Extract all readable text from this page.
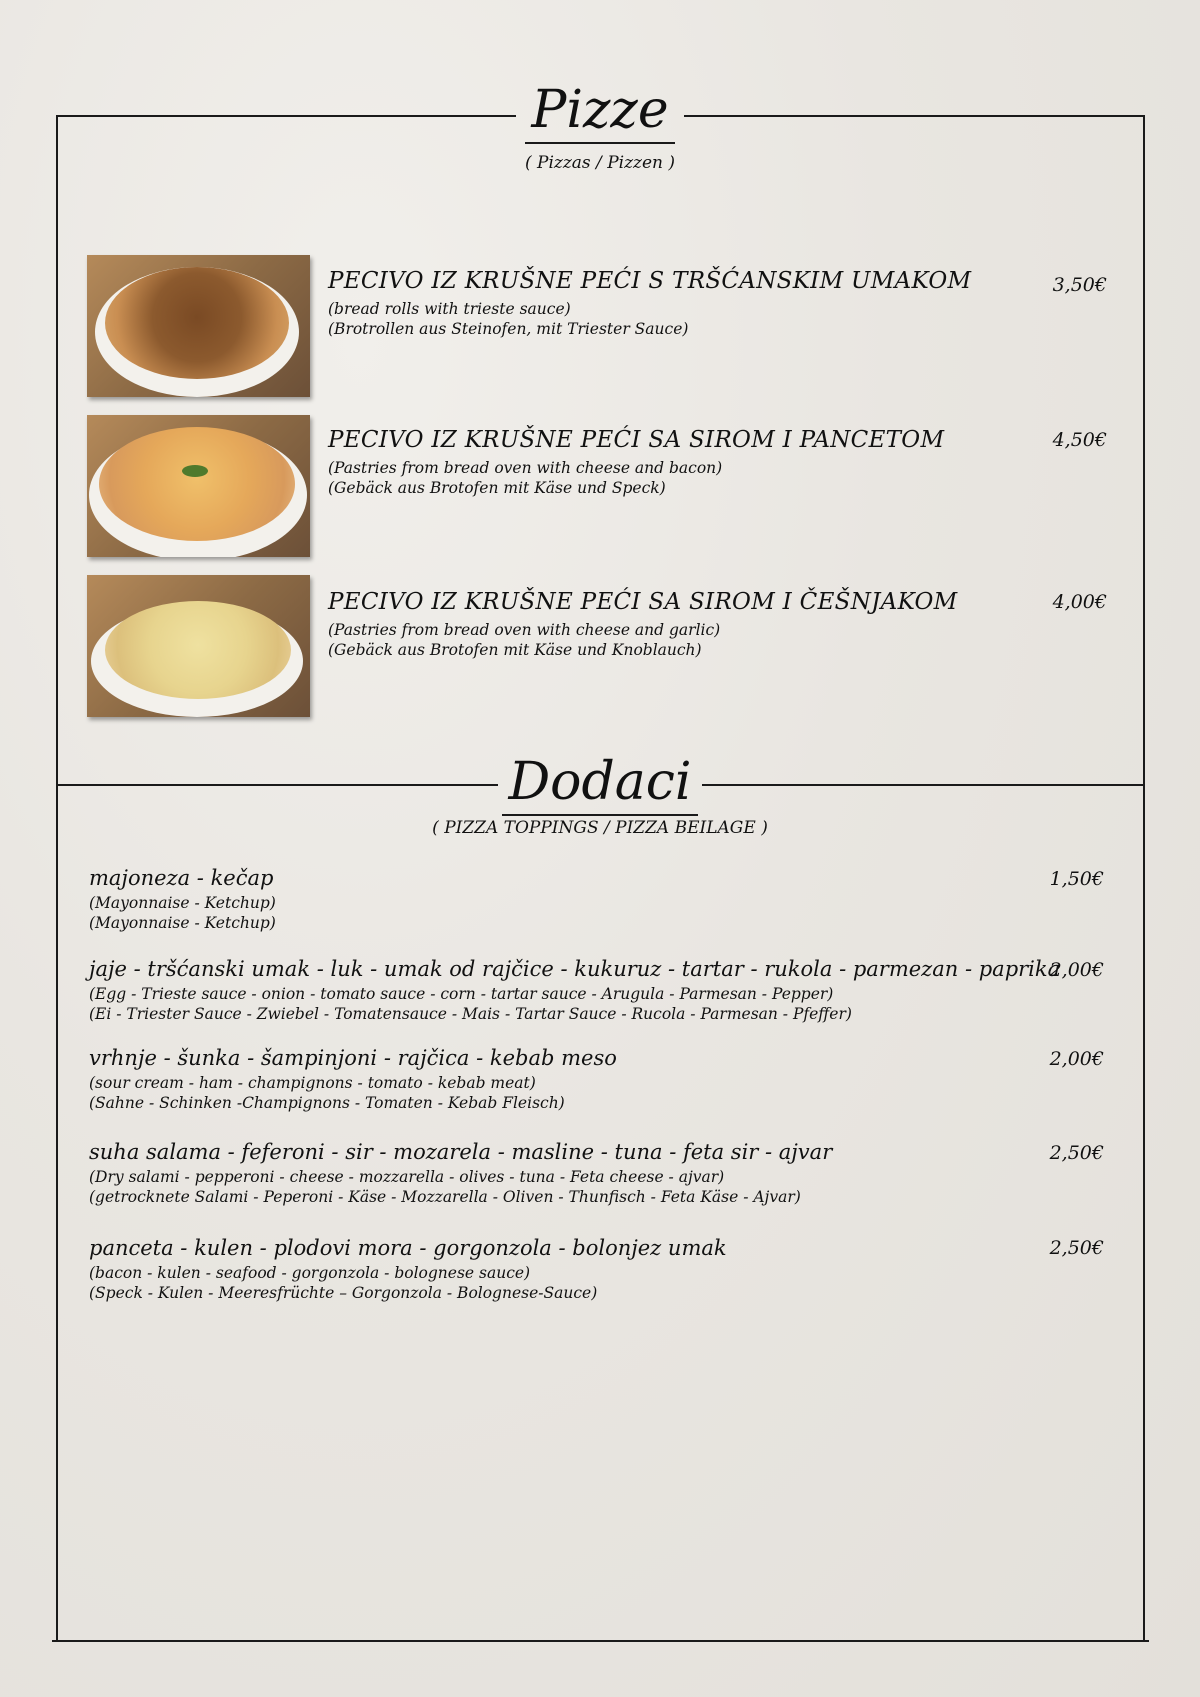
Pizze
( Pizzas / Pizzen )
PECIVO IZ KRUŠNE PEĆI S TRŠĆANSKIM UMAKOM
(bread rolls with trieste sauce)
(Brotrollen aus Steinofen, mit Triester Sauce)
3,50€
PECIVO IZ KRUŠNE PEĆI SA SIROM I PANCETOM
(Pastries from bread oven with cheese and bacon)
(Gebäck aus Brotofen mit Käse und Speck)
4,50€
PECIVO IZ KRUŠNE PEĆI SA SIROM I ČEŠNJAKOM
(Pastries from bread oven with cheese and garlic)
(Gebäck aus Brotofen mit Käse und Knoblauch)
4,00€
Dodaci
( PIZZA TOPPINGS / PIZZA BEILAGE )
majoneza - kečap
(Mayonnaise - Ketchup)
(Mayonnaise - Ketchup)
1,50€
jaje - tršćanski umak - luk - umak od rajčice - kukuruz - tartar - rukola - parmezan - paprika
(Egg - Trieste sauce - onion - tomato sauce - corn - tartar sauce - Arugula - Parmesan - Pepper)
(Ei - Triester Sauce - Zwiebel - Tomatensauce - Mais - Tartar Sauce - Rucola - Parmesan - Pfeffer)
2,00€
vrhnje - šunka - šampinjoni - rajčica - kebab meso
(sour cream - ham - champignons - tomato - kebab meat)
(Sahne - Schinken -Champignons - Tomaten - Kebab Fleisch)
2,00€
suha salama - feferoni - sir - mozarela - masline - tuna - feta sir - ajvar
(Dry salami - pepperoni - cheese - mozzarella - olives - tuna - Feta cheese - ajvar)
(getrocknete Salami - Peperoni - Käse - Mozzarella - Oliven - Thunfisch - Feta Käse - Ajvar)
2,50€
panceta - kulen - plodovi mora - gorgonzola - bolonjez umak
(bacon - kulen - seafood - gorgonzola - bolognese sauce)
(Speck - Kulen - Meeresfrüchte – Gorgonzola - Bolognese-Sauce)
2,50€
